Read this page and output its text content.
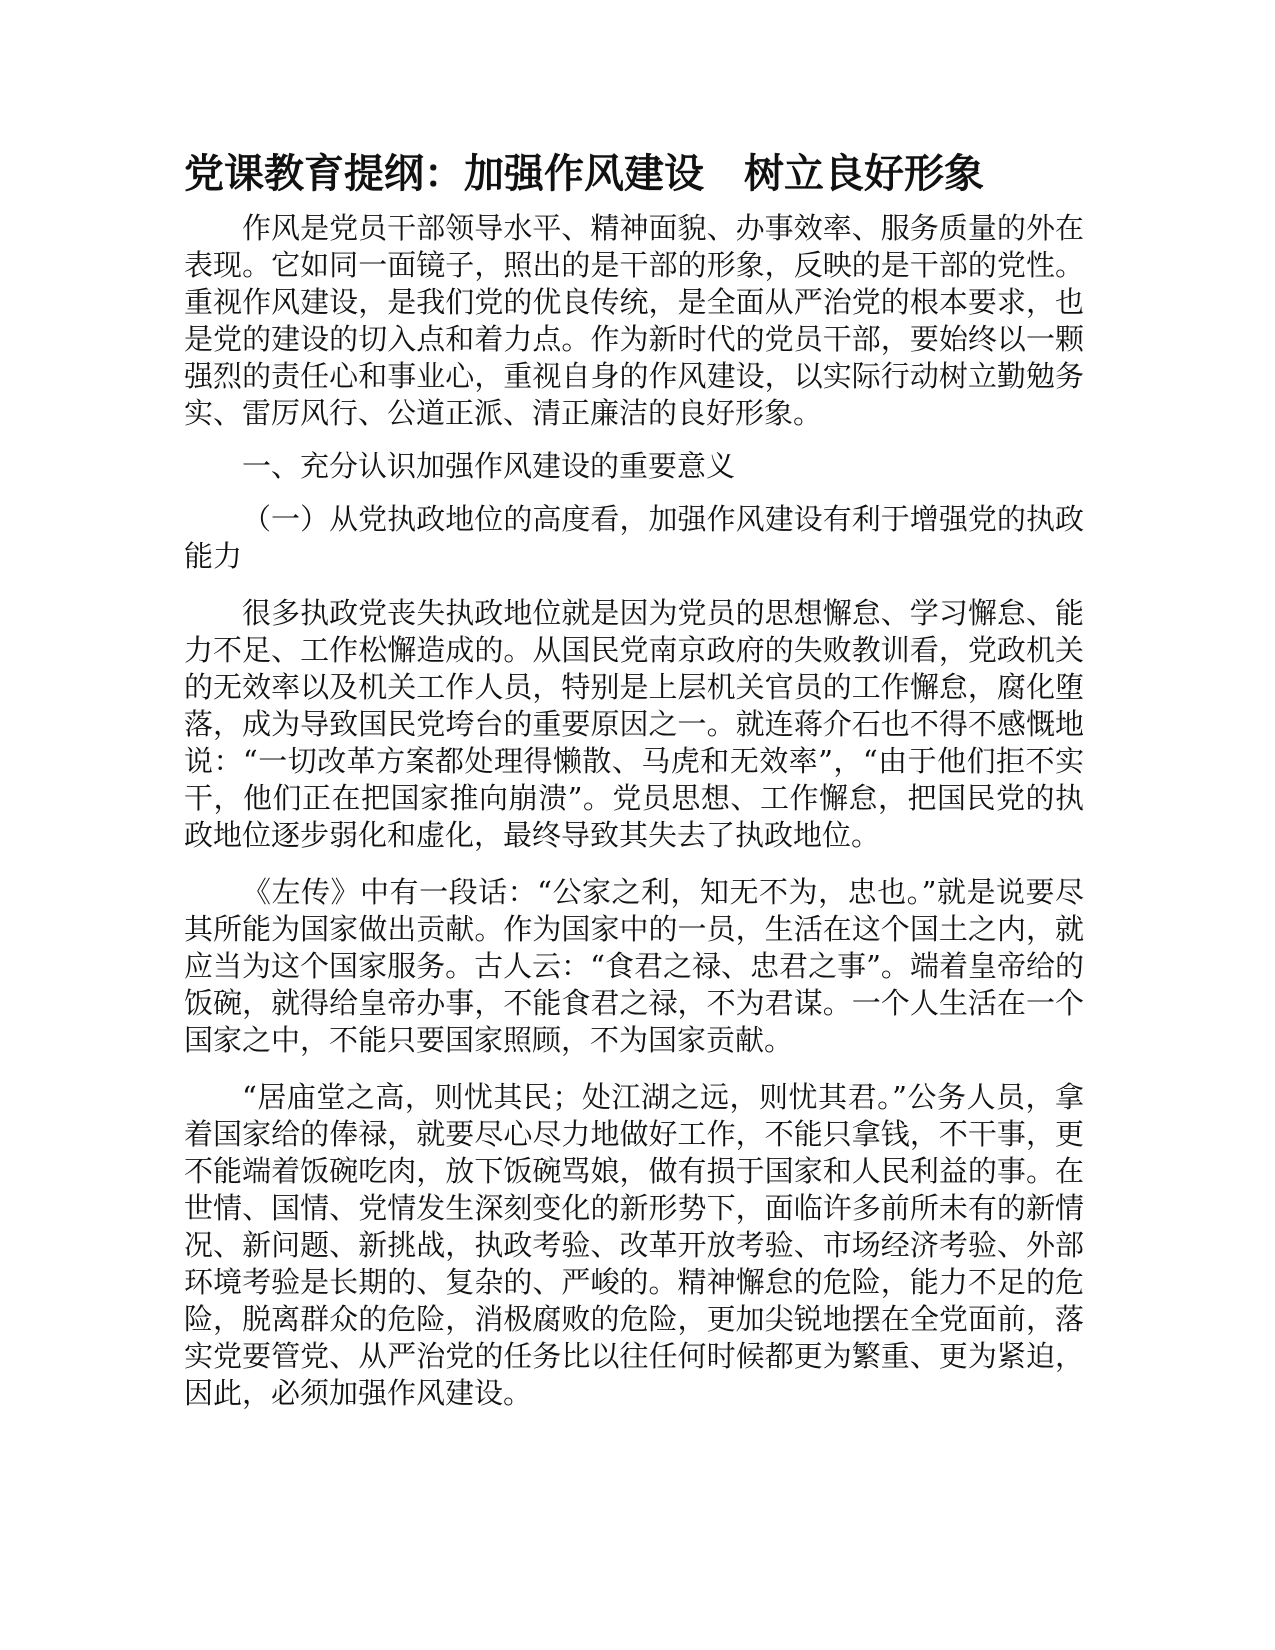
党课教育提纲：加强作风建设　树立良好形象

作风是党员干部领导水平、精神面貌、办事效率、服务质量的外在表现。它如同一面镜子，照出的是干部的形象，反映的是干部的党性。重视作风建设，是我们党的优良传统，是全面从严治党的根本要求，也是党的建设的切入点和着力点。作为新时代的党员干部，要始终以一颗强烈的责任心和事业心，重视自身的作风建设，以实际行动树立勤勉务实、雷厉风行、公道正派、清正廉洁的良好形象。

一、充分认识加强作风建设的重要意义

（一）从党执政地位的高度看，加强作风建设有利于增强党的执政能力

很多执政党丧失执政地位就是因为党员的思想懈怠、学习懈怠、能力不足、工作松懈造成的。从国民党南京政府的失败教训看，党政机关的无效率以及机关工作人员，特别是上层机关官员的工作懈怠，腐化堕落，成为导致国民党垮台的重要原因之一。就连蒋介石也不得不感慨地说：“一切改革方案都处理得懒散、马虎和无效率”，“由于他们拒不实干，他们正在把国家推向崩溃”。党员思想、工作懈怠，把国民党的执政地位逐步弱化和虚化，最终导致其失去了执政地位。

《左传》中有一段话：“公家之利，知无不为，忠也。”就是说要尽其所能为国家做出贡献。作为国家中的一员，生活在这个国土之内，就应当为这个国家服务。古人云：“食君之禄、忠君之事”。端着皇帝给的饭碗，就得给皇帝办事，不能食君之禄，不为君谋。一个人生活在一个国家之中，不能只要国家照顾，不为国家贡献。

“居庙堂之高，则忧其民；处江湖之远，则忧其君。”公务人员，拿着国家给的俸禄，就要尽心尽力地做好工作，不能只拿钱，不干事，更不能端着饭碗吃肉，放下饭碗骂娘，做有损于国家和人民利益的事。在世情、国情、党情发生深刻变化的新形势下，面临许多前所未有的新情况、新问题、新挑战，执政考验、改革开放考验、市场经济考验、外部环境考验是长期的、复杂的、严峻的。精神懈怠的危险，能力不足的危险，脱离群众的危险，消极腐败的危险，更加尖锐地摆在全党面前，落实党要管党、从严治党的任务比以往任何时候都更为繁重、更为紧迫，因此，必须加强作风建设。
